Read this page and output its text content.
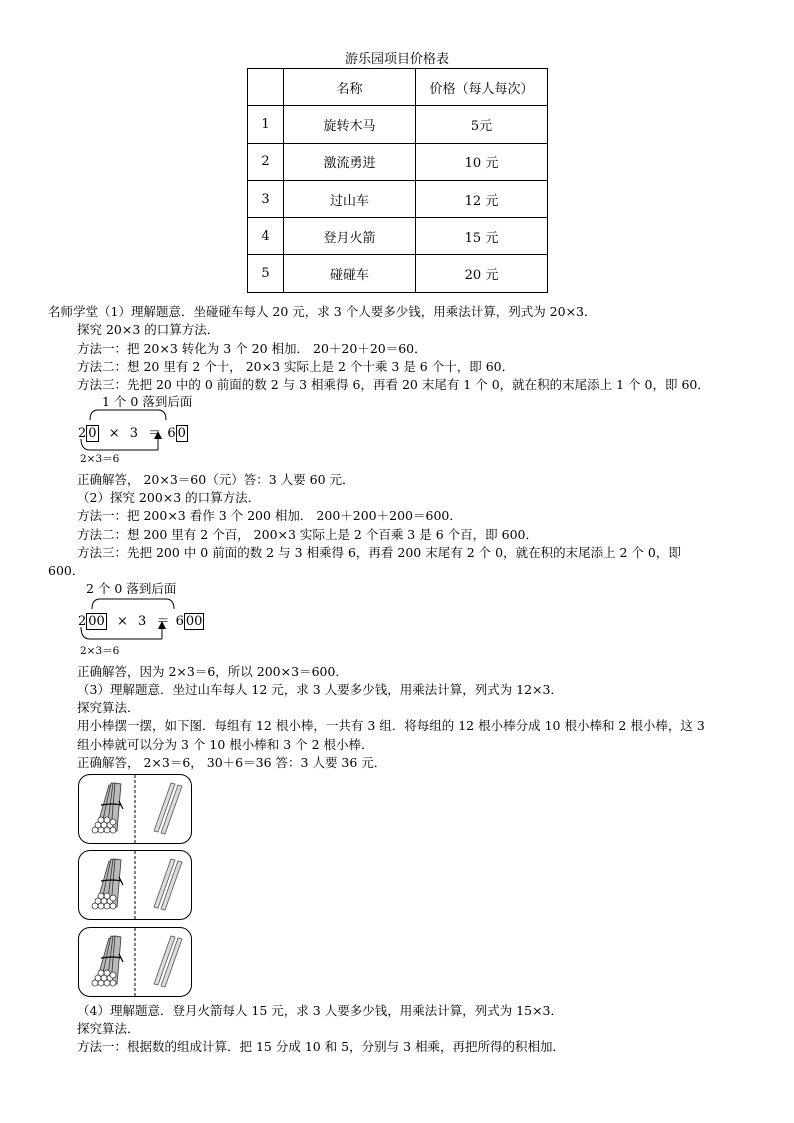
游乐园项目价格表
	名称	价格（每人每次）
1	旋转木马	5元
2	激流勇进	10 元
3	过山车	12 元
4	登月火箭	15 元
5	碰碰车	20 元
名师学堂（1）理解题意．坐碰碰车每人 20 元，求 3 个人要多少钱，用乘法计算，列式为 20×3．
探究 20×3 的口算方法．
方法一：把 20×3 转化为 3 个 20 相加． 20＋20＋20＝60．
方法二：想 20 里有 2 个十， 20×3 实际上是 2 个十乘 3 是 6 个十，即 60．
方法三：先把 20 中的 0 前面的数 2 与 3 相乘得 6，再看 20 末尾有 1 个 0，就在积的末尾添上 1 个 0，即 60．
1 个 0 落到后面
2 0 × 3 ＝ 6 0
2×3＝6
正确解答， 20×3＝60（元）答：3 人要 60 元．
（2）探究 200×3 的口算方法．
方法一：把 200×3 看作 3 个 200 相加． 200＋200＋200＝600．
方法二：想 200 里有 2 个百， 200×3 实际上是 2 个百乘 3 是 6 个百，即 600．
方法三：先把 200 中 0 前面的数 2 与 3 相乘得 6，再看 200 末尾有 2 个 0，就在积的末尾添上 2 个 0，即
600．
2 个 0 落到后面
2 00 × 3 ＝ 6 00
2×3＝6
正确解答，因为 2×3＝6，所以 200×3＝600．
（3）理解题意．坐过山车每人 12 元，求 3 人要多少钱，用乘法计算，列式为 12×3．
探究算法．
用小棒摆一摆，如下图．每组有 12 根小棒，一共有 3 组．将每组的 12 根小棒分成 10 根小棒和 2 根小棒，这 3
组小棒就可以分为 3 个 10 根小棒和 3 个 2 根小棒．
正确解答， 2×3＝6， 30＋6＝36 答：3 人要 36 元．
（4）理解题意．登月火箭每人 15 元，求 3 人要多少钱，用乘法计算，列式为 15×3．
探究算法．
方法一：根据数的组成计算．把 15 分成 10 和 5，分别与 3 相乘，再把所得的积相加．
